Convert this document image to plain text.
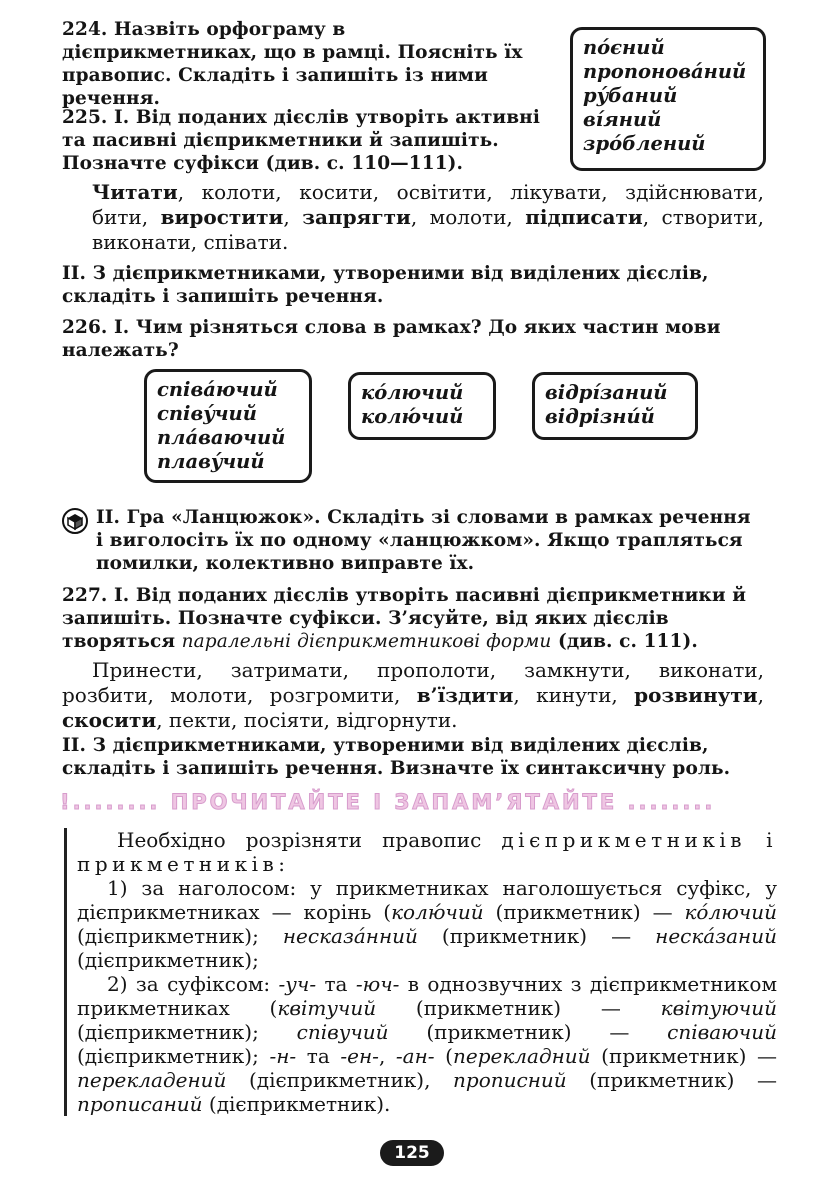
224. Назвіть орфограму в дієприкметниках, що в рамці. Поясніть їх правопис. Складіть і запишіть із ними речення.
пóєний
пропоновáний
рýбаний
вíяний
зрóблений
225. І. Від поданих дієслів утворіть активні та пасивні дієприкметники й запишіть. Позначте суфікси (див. с. 110—111).
Читати, колоти, косити, освітити, лікувати, здійснювати, бити, виростити, запрягти, молоти, підписати, створити, виконати, співати.
ІІ. З дієприкметниками, утвореними від виділених дієслів, складіть і запишіть речення.
226. І. Чим різняться слова в рамках? До яких частин мови належать?
співáючий
співýчий
плáваючий
плавýчий
кóлючий
колю́чий
відрíзаний
відрізни́й
ІІ. Гра «Ланцюжок». Складіть зі словами в рамках речення і виголосіть їх по одному «ланцюжком». Якщо трапляться помилки, колективно виправте їх.
227. І. Від поданих дієслів утворіть пасивні дієприкметники й запишіть. Позначте суфікси. З’ясуйте, від яких дієслів творяться паралельні дієприкметникові форми (див. с. 111).
Принести, затримати, прополоти, замкнути, виконати, розбити, молоти, розгромити, в’їздити, кинути, розвинути, скосити, пекти, посіяти, відгорнути.
ІІ. З дієприкметниками, утвореними від виділених дієслів, складіть і запишіть речення. Визначте їх синтаксичну роль.
!........ ПРОЧИТАЙТЕ І ЗАПАМ’ЯТАЙТЕ ........
Необхідно розрізняти правопис дієприкметників і прикметників:
1) за наголосом: у прикметниках наголошується суфікс, у дієприкметниках — корінь (колю́чий (прикметник) — кóлючий (дієприкметник); несказáнний (прикметник) — нескáзаний (дієприкметник);
2) за суфіксом: -уч- та -юч- в однозвучних з дієприкметником прикметниках (квітучий (прикметник) — квітуючий (дієприкметник); співучий (прикметник) — співаючий (дієприкметник); -н- та -ен-, -ан- (перекладний (прикметник) — перекладений (дієприкметник), прописний (прикметник) — прописаний (дієприкметник).
125
